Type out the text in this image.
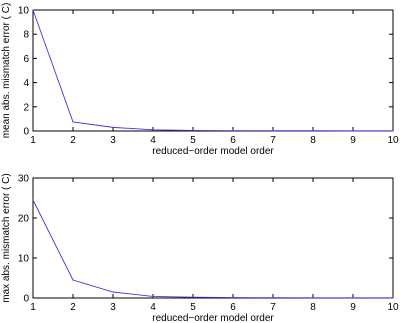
1	2	3	4	5	6	7	8	9	10
0
2
4
6
8
10
reduced−order model order
mean abs. mismatch error ( C)
1	2	3	4	5	6	7	8	9	10
0
10
20
30
reduced−order model order
max abs. mismatch error ( C)
